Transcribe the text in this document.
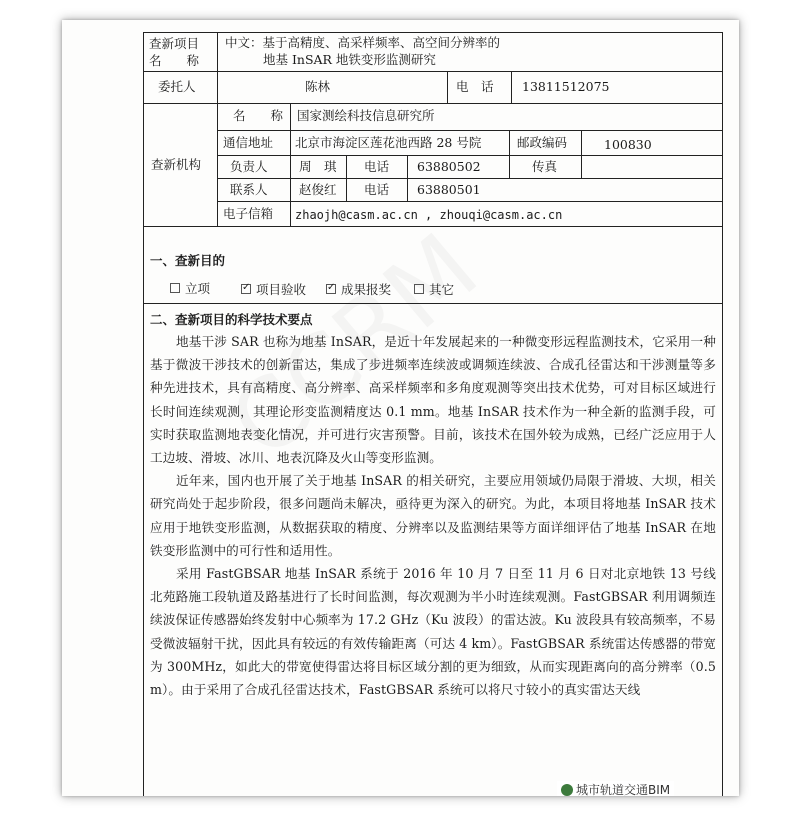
查新项目
名　　称
中文：基于高精度、高采样频率、高空间分辨率的
地基 InSAR 地铁变形监测研究
委托人	陈林	电　话 13811512075
查新机构
名　　称 国家测绘科技信息研究所
通信地址 北京市海淀区莲花池西路 28 号院	邮政编码	100830
负责人	周　琪 电话 63880502	传真
联系人	赵俊红 电话 63880501
电子信箱 zhaojh@casm.ac.cn , zhouqi@casm.ac.cn
一、查新目的
立项 ✓	项目验收 ✓	成果报奖	其它
二、查新项目的科学技术要点

地基干涉 SAR 也称为地基 InSAR，是近十年发展起来的一种微变形远程监测技术，它采用一种基于微波干涉技术的创新雷达，集成了步进频率连续波或调频连续波、合成孔径雷达和干涉测量等多种先进技术，具有高精度、高分辨率、高采样频率和多角度观测等突出技术优势，可对目标区域进行长时间连续观测，其理论形变监测精度达 0.1 mm。地基 InSAR 技术作为一种全新的监测手段，可实时获取监测地表变化情况，并可进行灾害预警。目前，该技术在国外较为成熟，已经广泛应用于人工边坡、滑坡、冰川、地表沉降及火山等变形监测。

近年来，国内也开展了关于地基 InSAR 的相关研究，主要应用领域仍局限于滑坡、大坝，相关研究尚处于起步阶段，很多问题尚未解决，亟待更为深入的研究。为此，本项目将地基 InSAR 技术应用于地铁变形监测，从数据获取的精度、分辨率以及监测结果等方面详细评估了地基 InSAR 在地铁变形监测中的可行性和适用性。

采用 FastGBSAR 地基 InSAR 系统于 2016 年 10 月 7 日至 11 月 6 日对北京地铁 13 号线北苑路施工段轨道及路基进行了长时间监测，每次观测为半小时连续观测。FastGBSAR 利用调频连续波保证传感器始终发射中心频率为 17.2 GHz（Ku 波段）的雷达波。Ku 波段具有较高频率，不易受微波辐射干扰，因此具有较远的有效传输距离（可达 4 km）。FastGBSAR 系统雷达传感器的带宽为 300MHz，如此大的带宽使得雷达将目标区域分割的更为细致，从而实现距离向的高分辨率（0.5 m）。由于采用了合成孔径雷达技术，FastGBSAR 系统可以将尺寸较小的真实雷达天线

城市轨道交通BIM
